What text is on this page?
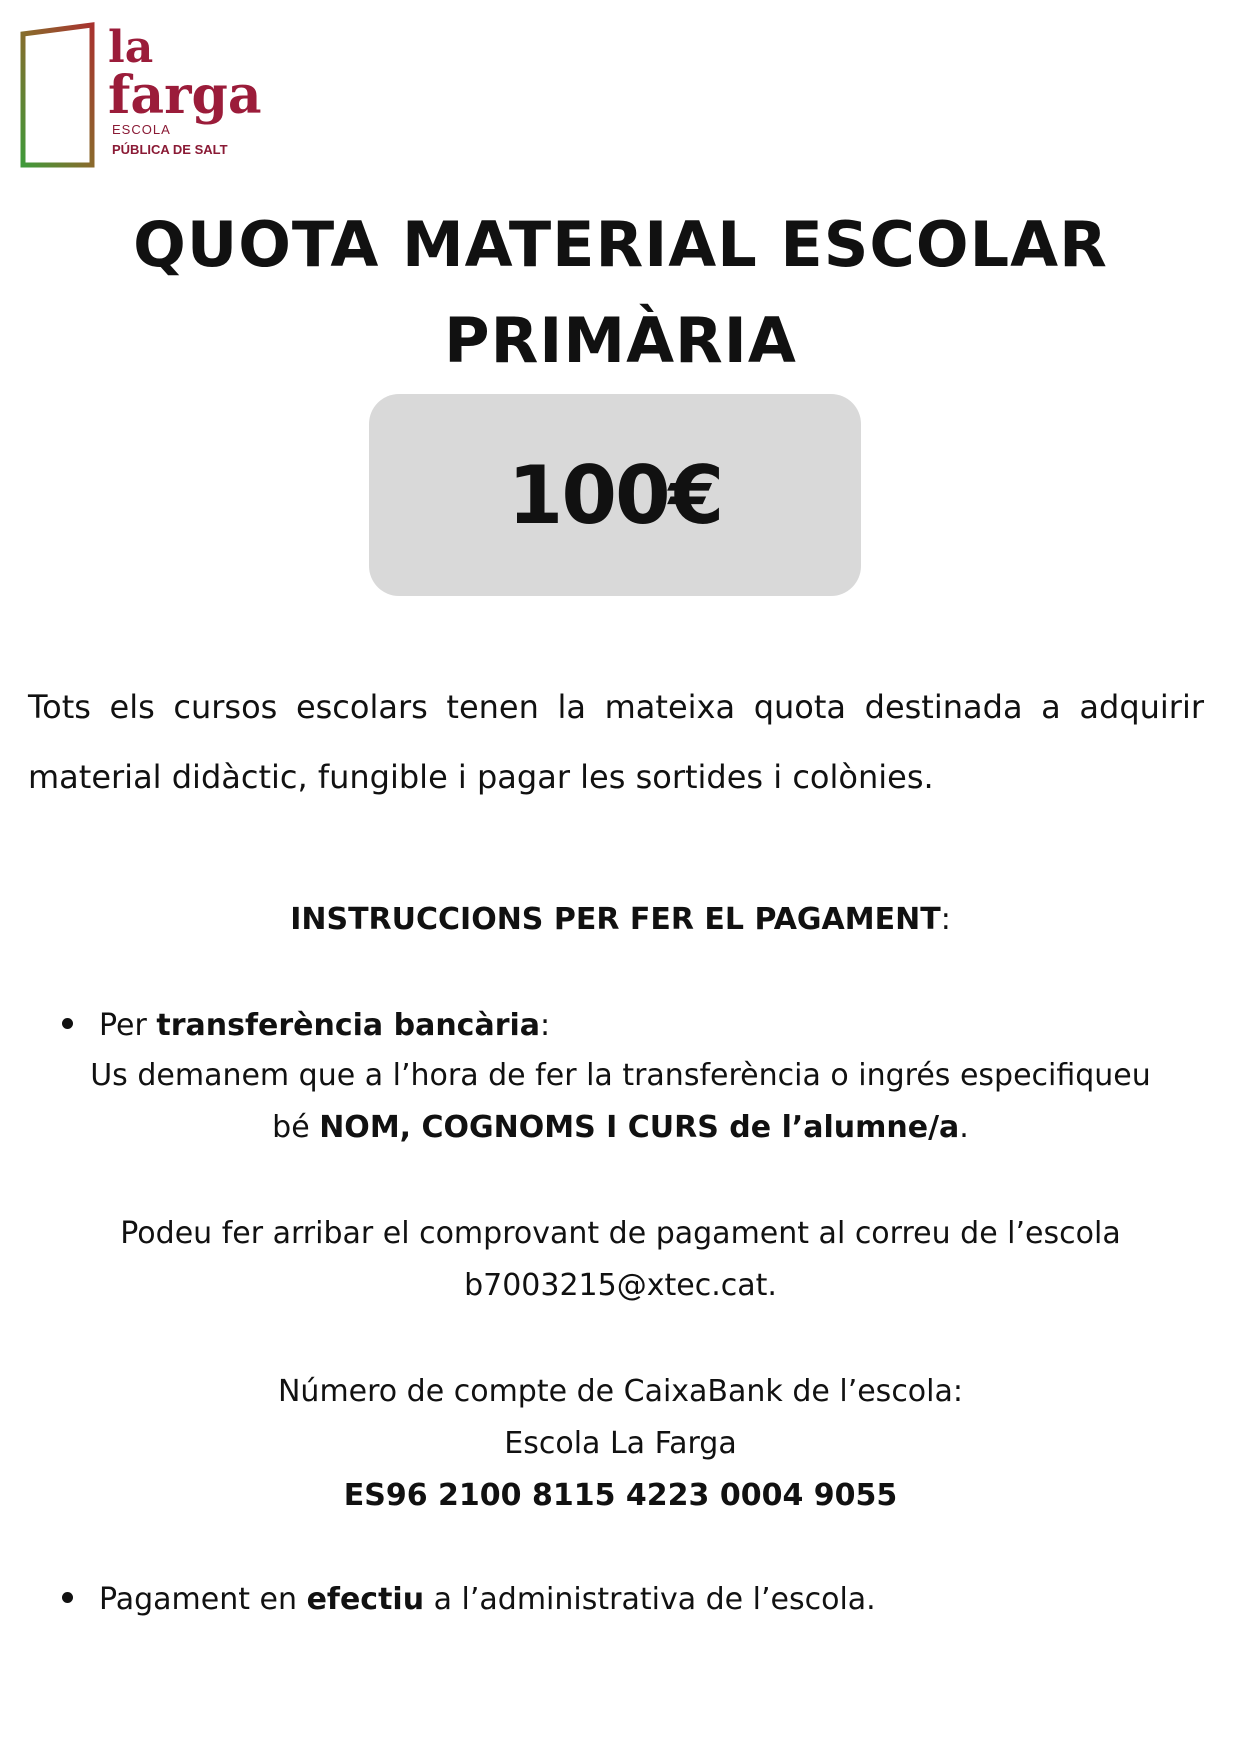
la
farga
ESCOLA
PÚBLICA DE SALT
QUOTA MATERIAL ESCOLAR
PRIMÀRIA
100€

Tots els cursos escolars tenen la mateixa quota destinada a adquirir material didàctic, fungible i pagar les sortides i colònies.

INSTRUCCIONS PER FER EL PAGAMENT:

Per transferència bancària:
Us demanem que a l’hora de fer la transferència o ingrés especifiqueu
bé NOM, COGNOMS I CURS de l’alumne/a.
Podeu fer arribar el comprovant de pagament al correu de l’escola
b7003215@xtec.cat.
Número de compte de CaixaBank de l’escola:
Escola La Farga
ES96 2100 8115 4223 0004 9055
Pagament en efectiu a l’administrativa de l’escola.
